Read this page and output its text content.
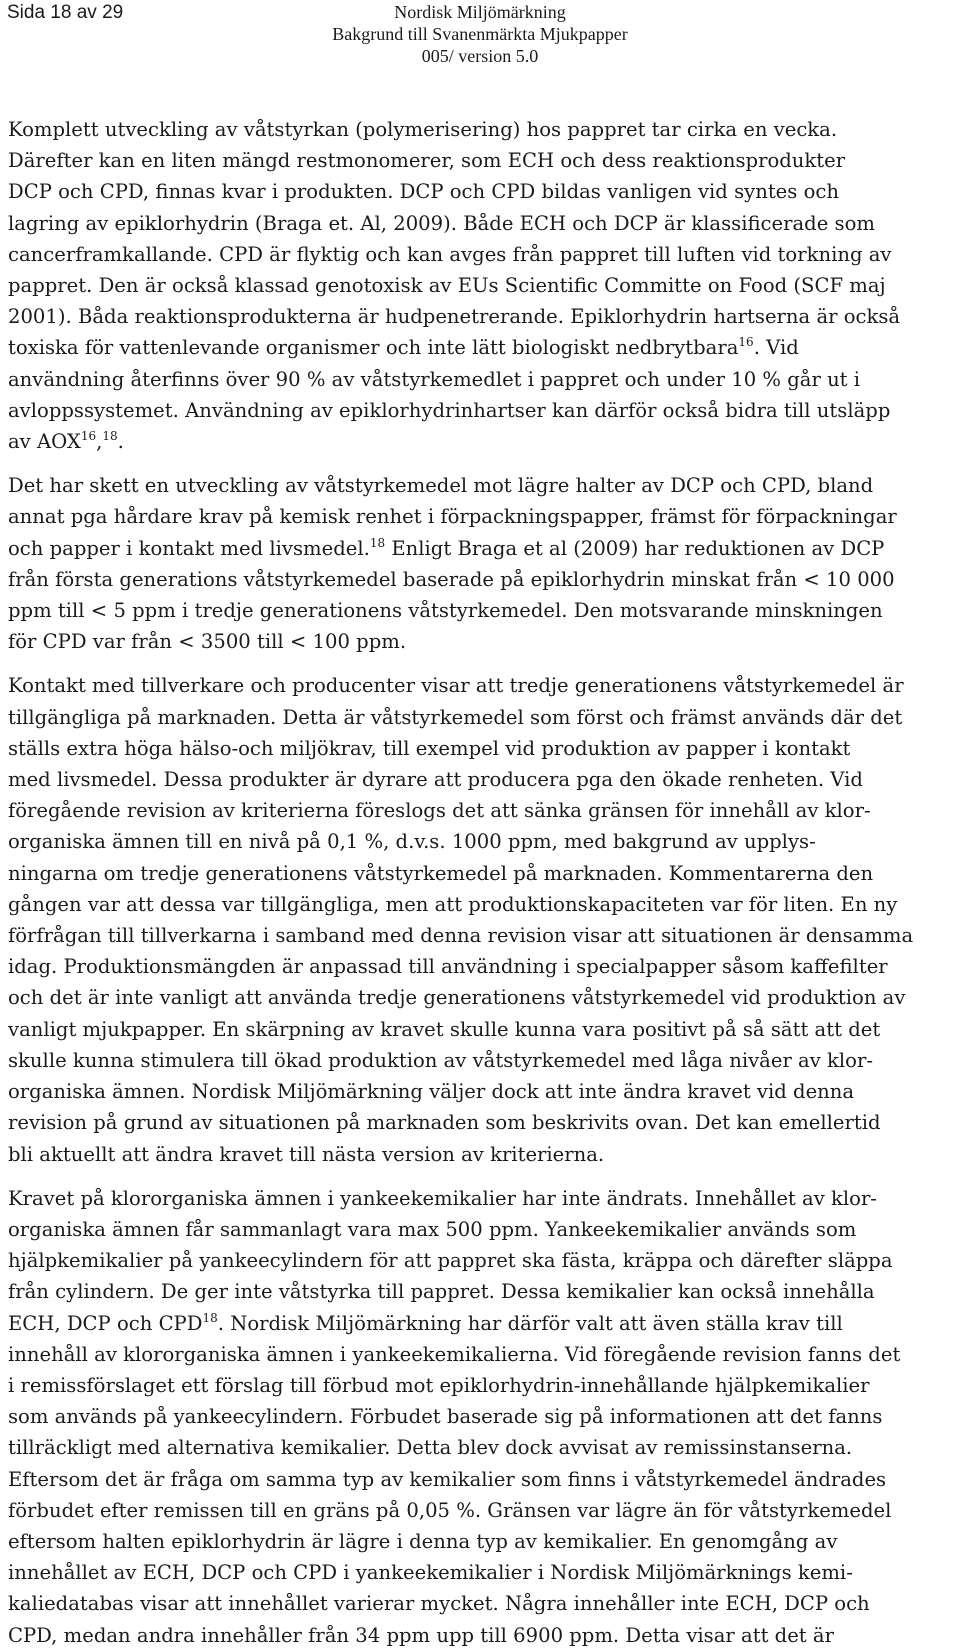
Sida 18 av 29	Nordisk Miljömärkning
Bakgrund till Svanenmärkta Mjukpapper
005/ version 5.0

Komplett utveckling av våtstyrkan (polymerisering) hos pappret tar cirka en vecka.
Därefter kan en liten mängd restmonomerer, som ECH och dess reaktionsprodukter
DCP och CPD, finnas kvar i produkten. DCP och CPD bildas vanligen vid syntes och
lagring av epiklorhydrin (Braga et. Al, 2009). Både ECH och DCP är klassificerade som
cancerframkallande. CPD är flyktig och kan avges från pappret till luften vid torkning av
pappret. Den är också klassad genotoxisk av EUs Scientific Committe on Food (SCF maj
2001). Båda reaktionsprodukterna är hudpenetrerande. Epiklorhydrin hartserna är också
toxiska för vattenlevande organismer och inte lätt biologiskt nedbrytbara$^{16}$. Vid
användning återfinns över 90 % av våtstyrkemedlet i pappret och under 10 % går ut i
avloppssystemet. Användning av epiklorhydrinhartser kan därför också bidra till utsläpp
av AOX$^{16}$,$^{18}$.

Det har skett en utveckling av våtstyrkemedel mot lägre halter av DCP och CPD, bland
annat pga hårdare krav på kemisk renhet i förpackningspapper, främst för förpackningar
och papper i kontakt med livsmedel.$^{18}$ Enligt Braga et al (2009) har reduktionen av DCP
från första generations våtstyrkemedel baserade på epiklorhydrin minskat från < 10 000
ppm till < 5 ppm i tredje generationens våtstyrkemedel. Den motsvarande minskningen
för CPD var från < 3500 till < 100 ppm.

Kontakt med tillverkare och producenter visar att tredje generationens våtstyrkemedel är
tillgängliga på marknaden. Detta är våtstyrkemedel som först och främst används där det
ställs extra höga hälso-och miljökrav, till exempel vid produktion av papper i kontakt
med livsmedel. Dessa produkter är dyrare att producera pga den ökade renheten. Vid
föregående revision av kriterierna föreslogs det att sänka gränsen för innehåll av klor-
organiska ämnen till en nivå på 0,1 %, d.v.s. 1000 ppm, med bakgrund av upplys-
ningarna om tredje generationens våtstyrkemedel på marknaden. Kommentarerna den
gången var att dessa var tillgängliga, men att produktionskapaciteten var för liten. En ny
förfrågan till tillverkarna i samband med denna revision visar att situationen är densamma
idag. Produktionsmängden är anpassad till användning i specialpapper såsom kaffefilter
och det är inte vanligt att använda tredje generationens våtstyrkemedel vid produktion av
vanligt mjukpapper. En skärpning av kravet skulle kunna vara positivt på så sätt att det
skulle kunna stimulera till ökad produktion av våtstyrkemedel med låga nivåer av klor-
organiska ämnen. Nordisk Miljömärkning väljer dock att inte ändra kravet vid denna
revision på grund av situationen på marknaden som beskrivits ovan. Det kan emellertid
bli aktuellt att ändra kravet till nästa version av kriterierna.

Kravet på klororganiska ämnen i yankeekemikalier har inte ändrats. Innehållet av klor-
organiska ämnen får sammanlagt vara max 500 ppm. Yankeekemikalier används som
hjälpkemikalier på yankeecylindern för att pappret ska fästa, kräppa och därefter släppa
från cylindern. De ger inte våtstyrka till pappret. Dessa kemikalier kan också innehålla
ECH, DCP och CPD$^{18}$. Nordisk Miljömärkning har därför valt att även ställa krav till
innehåll av klororganiska ämnen i yankeekemikalierna. Vid föregående revision fanns det
i remissförslaget ett förslag till förbud mot epiklorhydrin-innehållande hjälpkemikalier
som används på yankeecylindern. Förbudet baserade sig på informationen att det fanns
tillräckligt med alternativa kemikalier. Detta blev dock avvisat av remissinstanserna.
Eftersom det är fråga om samma typ av kemikalier som finns i våtstyrkemedel ändrades
förbudet efter remissen till en gräns på 0,05 %. Gränsen var lägre än för våtstyrkemedel
eftersom halten epiklorhydrin är lägre i denna typ av kemikalier. En genomgång av
innehållet av ECH, DCP och CPD i yankeekemikalier i Nordisk Miljömärknings kemi-
kaliedatabas visar att innehållet varierar mycket. Några innehåller inte ECH, DCP och
CPD, medan andra innehåller från 34 ppm upp till 6900 ppm. Detta visar att det är
